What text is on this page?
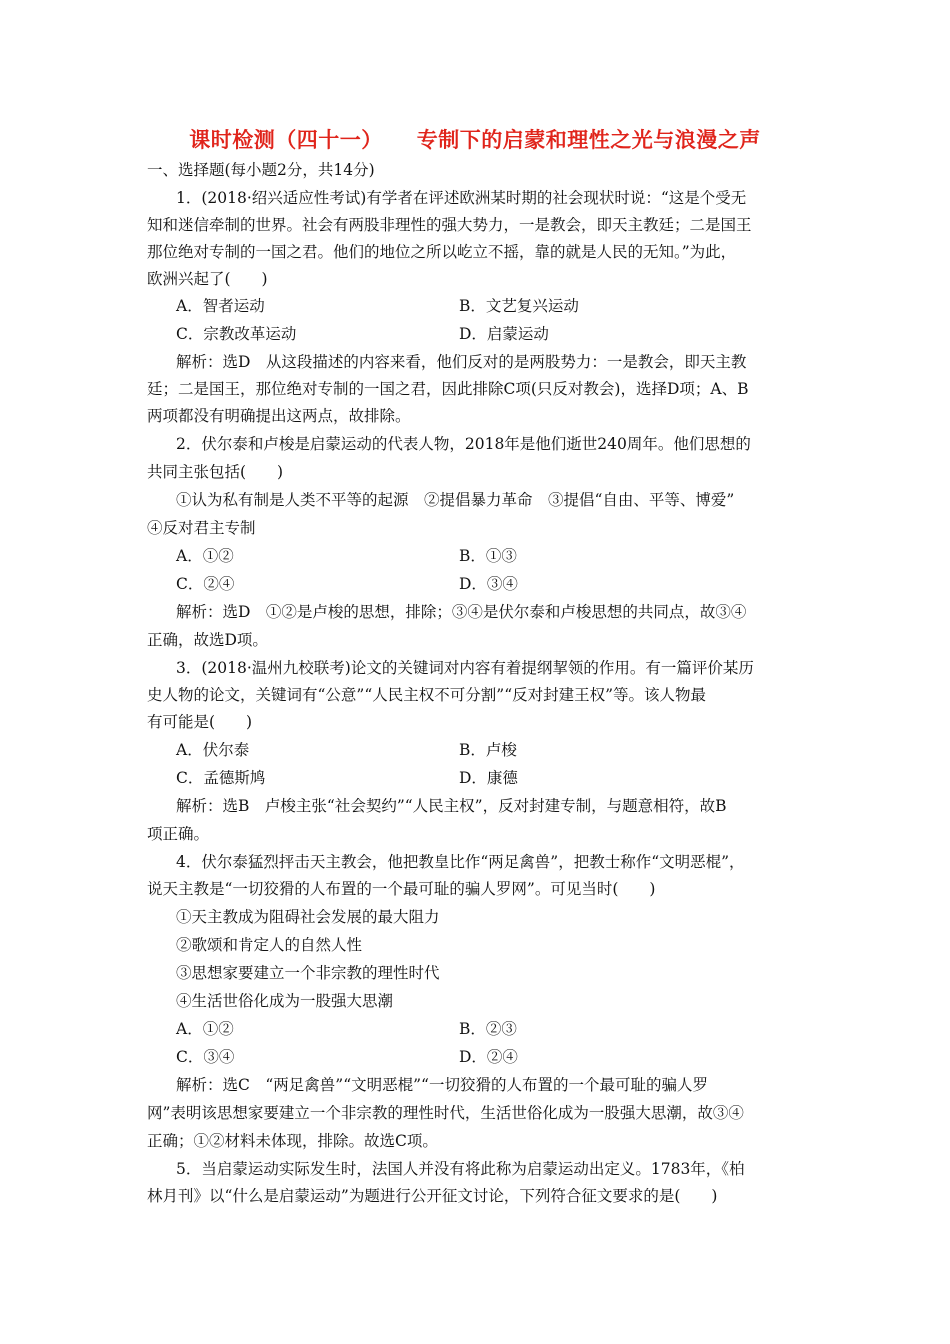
课时检测（四十一） 专制下的启蒙和理性之光与浪漫之声
一、选择题(每小题2分，共14分)
1．(2018·绍兴适应性考试)有学者在评述欧洲某时期的社会现状时说：“这是个受无
知和迷信牵制的世界。社会有两股非理性的强大势力，一是教会，即天主教廷；二是国王
那位绝对专制的一国之君。他们的地位之所以屹立不摇，靠的就是人民的无知。”为此，
欧洲兴起了(　　)
A．智者运动	B．文艺复兴运动
C．宗教改革运动	D．启蒙运动
解析：选D　从这段描述的内容来看，他们反对的是两股势力：一是教会，即天主教
廷；二是国王，那位绝对专制的一国之君，因此排除C项(只反对教会)，选择D项；A、B
两项都没有明确提出这两点，故排除。
2．伏尔泰和卢梭是启蒙运动的代表人物，2018年是他们逝世240周年。他们思想的
共同主张包括(　　)
①认为私有制是人类不平等的起源　②提倡暴力革命　③提倡“自由、平等、博爱”
④反对君主专制
A．①②	B．①③
C．②④	D．③④
解析：选D　①②是卢梭的思想，排除；③④是伏尔泰和卢梭思想的共同点，故③④
正确，故选D项。
3．(2018·温州九校联考)论文的关键词对内容有着提纲挈领的作用。有一篇评价某历
史人物的论文，关键词有“公意”“人民主权不可分割”“反对封建王权”等。该人物最
有可能是(　　)
A．伏尔泰	B．卢梭
C．孟德斯鸠	D．康德
解析：选B　卢梭主张“社会契约”“人民主权”，反对封建专制，与题意相符，故B
项正确。
4．伏尔泰猛烈抨击天主教会，他把教皇比作“两足禽兽”，把教士称作“文明恶棍”，
说天主教是“一切狡猾的人布置的一个最可耻的骗人罗网”。可见当时(　　)
①天主教成为阻碍社会发展的最大阻力
②歌颂和肯定人的自然人性
③思想家要建立一个非宗教的理性时代
④生活世俗化成为一股强大思潮
A．①②	B．②③
C．③④	D．②④
解析：选C　“两足禽兽”“文明恶棍”“一切狡猾的人布置的一个最可耻的骗人罗
网”表明该思想家要建立一个非宗教的理性时代，生活世俗化成为一股强大思潮，故③④
正确；①②材料未体现，排除。故选C项。
5．当启蒙运动实际发生时，法国人并没有将此称为启蒙运动出定义。1783年，《柏
林月刊》以“什么是启蒙运动”为题进行公开征文讨论，下列符合征文要求的是(　　)
